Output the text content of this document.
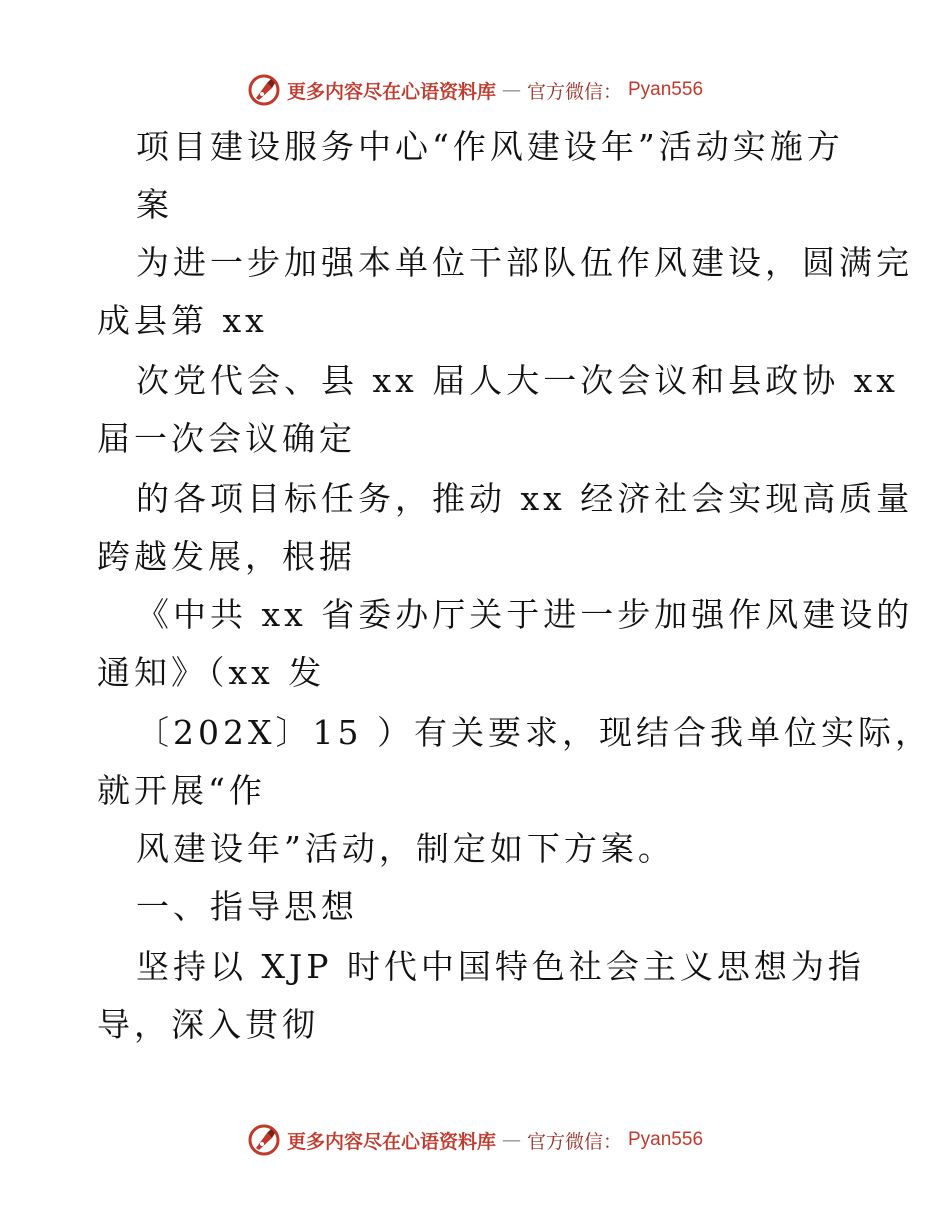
更多内容尽在心语资料库 — 官方微信： Pyan556
项目建设服务中心“作风建设年”活动实施方
案
为进一步加强本单位干部队伍作风建设，圆满完
成县第 xx
次党代会、县 xx 届人大一次会议和县政协 xx
届一次会议确定
的各项目标任务，推动 xx 经济社会实现高质量
跨越发展，根据
《中共 xx 省委办厅关于进一步加强作风建设的
通知》（xx 发
〔202X〕15 ）有关要求，现结合我单位实际，
就开展“作
风建设年”活动，制定如下方案。
一、指导思想
坚持以 XJP 时代中国特色社会主义思想为指
导，深入贯彻
更多内容尽在心语资料库 — 官方微信： Pyan556
